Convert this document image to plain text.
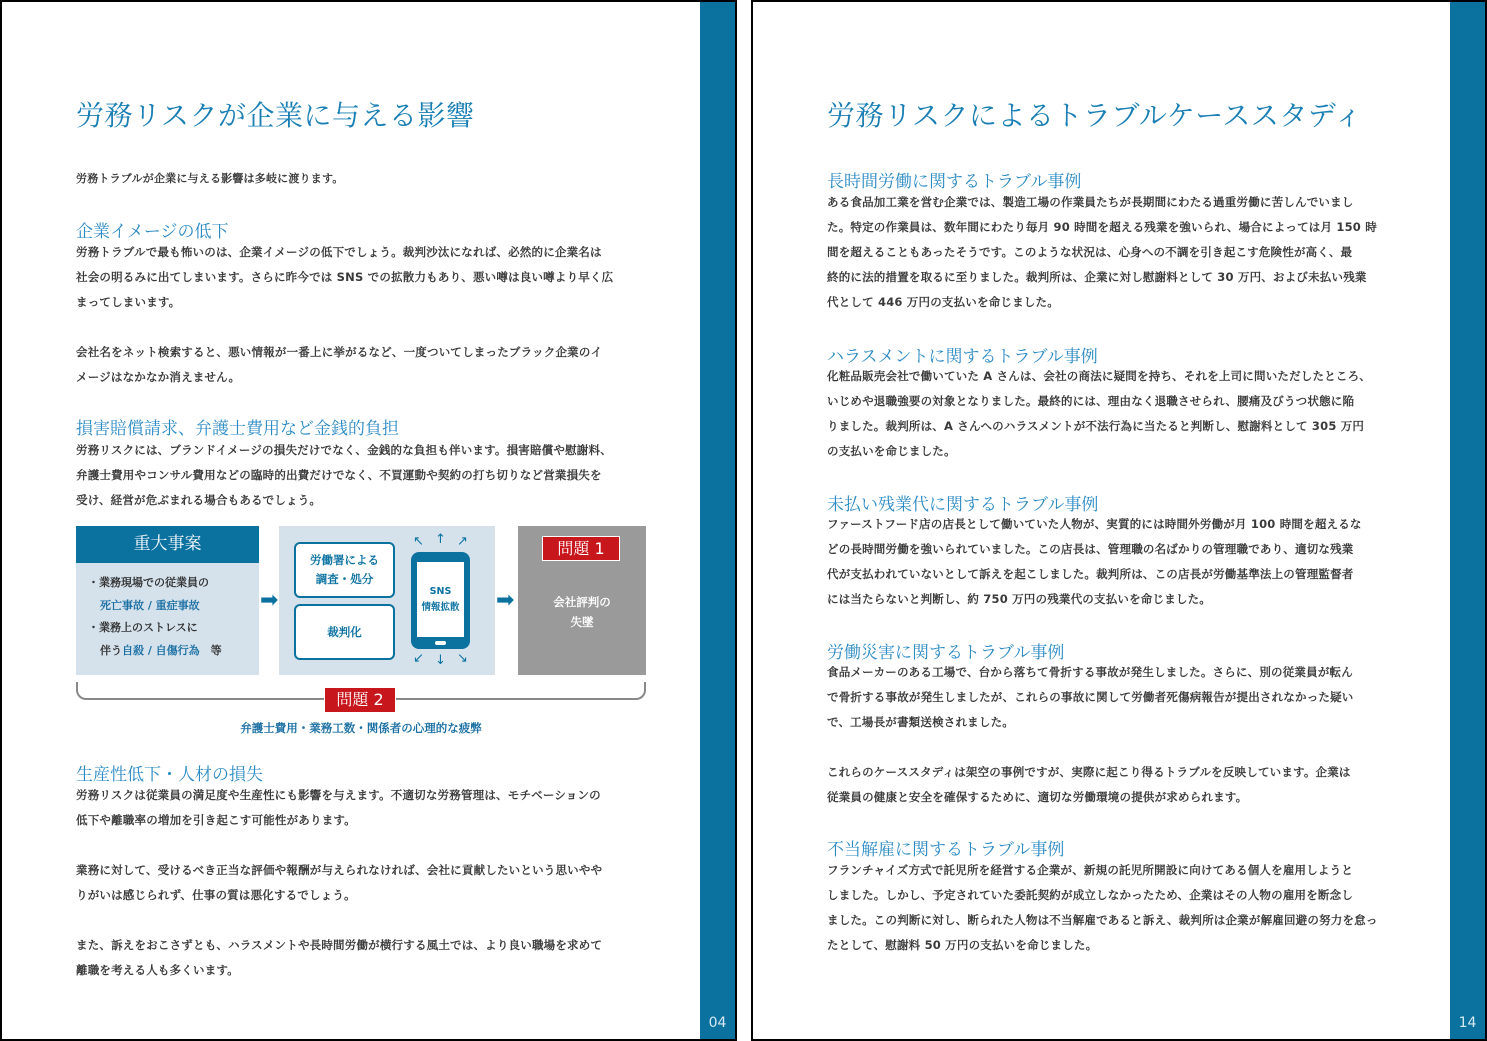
労務リスクが企業に与える影響
労務トラブルが企業に与える影響は多岐に渡ります。
企業イメージの低下
労務トラブルで最も怖いのは、企業イメージの低下でしょう。裁判沙汰になれば、必然的に企業名は
社会の明るみに出てしまいます。さらに昨今では SNS での拡散力もあり、悪い噂は良い噂より早く広
まってしまいます。
会社名をネット検索すると、悪い情報が一番上に挙がるなど、一度ついてしまったブラック企業のイ
メージはなかなか消えません。
損害賠償請求、弁護士費用など金銭的負担
労務リスクには、ブランドイメージの損失だけでなく、金銭的な負担も伴います。損害賠償や慰謝料、
弁護士費用やコンサル費用などの臨時的出費だけでなく、不買運動や契約の打ち切りなど営業損失を
受け、経営が危ぶまれる場合もあるでしょう。
重大事案
・業務現場での従業員の
死亡事故 / 重症事故
・業務上のストレスに
伴う自殺 / 自傷行為　等
➡
労働署による
調査・処分
裁判化
↖ ↑ ↗
SNS
情報拡散
↙ ↓ ↘
➡
問題 1
会社評判の
失墜
問題 2
弁護士費用・業務工数・関係者の心理的な疲弊
生産性低下・人材の損失
労務リスクは従業員の満足度や生産性にも影響を与えます。不適切な労務管理は、モチベーションの
低下や離職率の増加を引き起こす可能性があります。
業務に対して、受けるべき正当な評価や報酬が与えられなければ、会社に貢献したいという思いやや
りがいは感じられず、仕事の質は悪化するでしょう。
また、訴えをおこさずとも、ハラスメントや長時間労働が横行する風土では、より良い職場を求めて
離職を考える人も多くいます。
04
労務リスクによるトラブルケーススタディ
長時間労働に関するトラブル事例
ある食品加工業を営む企業では、製造工場の作業員たちが長期間にわたる過重労働に苦しんでいまし
た。特定の作業員は、数年間にわたり毎月 90 時間を超える残業を強いられ、場合によっては月 150 時
間を超えることもあったそうです。このような状況は、心身への不調を引き起こす危険性が高く、最
終的に法的措置を取るに至りました。裁判所は、企業に対し慰謝料として 30 万円、および未払い残業
代として 446 万円の支払いを命じました。
ハラスメントに関するトラブル事例
化粧品販売会社で働いていた A さんは、会社の商法に疑問を持ち、それを上司に問いただしたところ、
いじめや退職強要の対象となりました。最終的には、理由なく退職させられ、腰痛及びうつ状態に陥
りました。裁判所は、A さんへのハラスメントが不法行為に当たると判断し、慰謝料として 305 万円
の支払いを命じました。
未払い残業代に関するトラブル事例
ファーストフード店の店長として働いていた人物が、実質的には時間外労働が月 100 時間を超えるな
どの長時間労働を強いられていました。この店長は、管理職の名ばかりの管理職であり、適切な残業
代が支払われていないとして訴えを起こしました。裁判所は、この店長が労働基準法上の管理監督者
には当たらないと判断し、約 750 万円の残業代の支払いを命じました。
労働災害に関するトラブル事例
食品メーカーのある工場で、台から落ちて骨折する事故が発生しました。さらに、別の従業員が転ん
で骨折する事故が発生しましたが、これらの事故に関して労働者死傷病報告が提出されなかった疑い
で、工場長が書類送検されました。
これらのケーススタディは架空の事例ですが、実際に起こり得るトラブルを反映しています。企業は
従業員の健康と安全を確保するために、適切な労働環境の提供が求められます。
不当解雇に関するトラブル事例
フランチャイズ方式で託児所を経営する企業が、新規の託児所開設に向けてある個人を雇用しようと
しました。しかし、予定されていた委託契約が成立しなかったため、企業はその人物の雇用を断念し
ました。この判断に対し、断られた人物は不当解雇であると訴え、裁判所は企業が解雇回避の努力を怠っ
たとして、慰謝料 50 万円の支払いを命じました。
14
